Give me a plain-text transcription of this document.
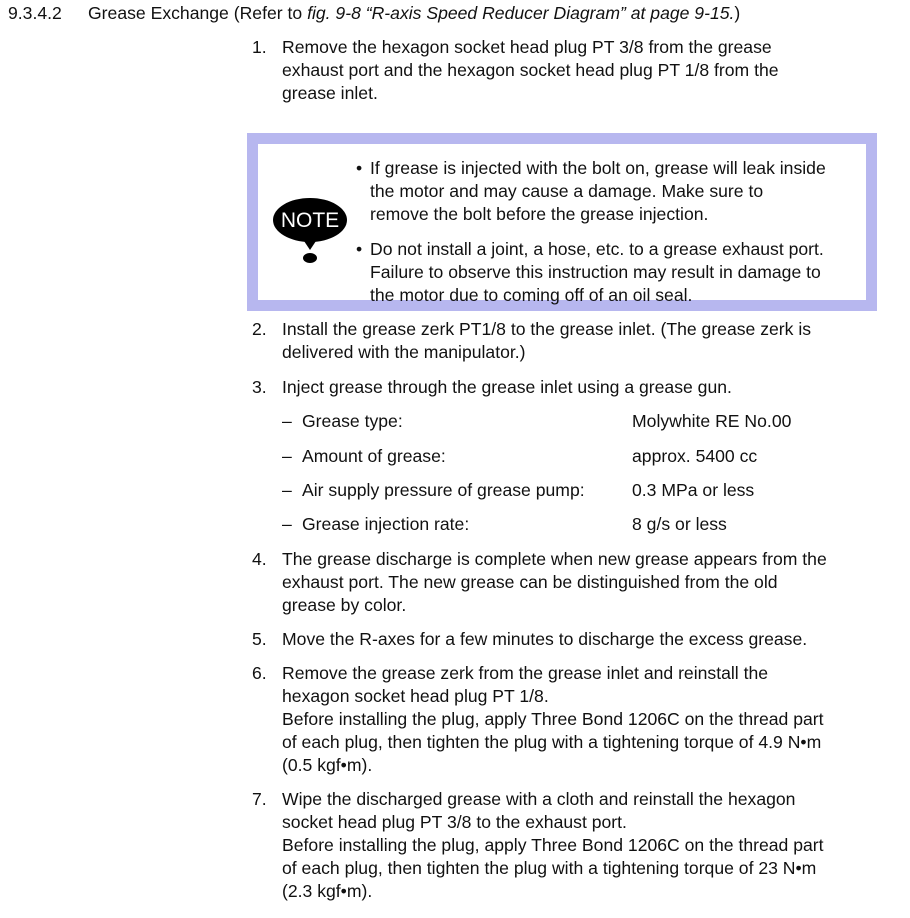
9.3.4.2 Grease Exchange (Refer to fig. 9-8 “R-axis Speed Reducer Diagram” at page 9-15.)
1. Remove the hexagon socket head plug PT 3/8 from the grease
exhaust port and the hexagon socket head plug PT 1/8 from the
grease inlet.
NOTE
• If grease is injected with the bolt on, grease will leak inside
the motor and may cause a damage. Make sure to
remove the bolt before the grease injection.
• Do not install a joint, a hose, etc. to a grease exhaust port.
Failure to observe this instruction may result in damage to
the motor due to coming off of an oil seal.
2. Install the grease zerk PT1/8 to the grease inlet. (The grease zerk is
delivered with the manipulator.)
3. Inject grease through the grease inlet using a grease gun.
– Grease type:	Molywhite RE No.00
– Amount of grease:	approx. 5400 cc
– Air supply pressure of grease pump:	0.3 MPa or less
– Grease injection rate:	8 g/s or less
4. The grease discharge is complete when new grease appears from the
exhaust port. The new grease can be distinguished from the old
grease by color.
5. Move the R-axes for a few minutes to discharge the excess grease.
6. Remove the grease zerk from the grease inlet and reinstall the
hexagon socket head plug PT 1/8.
Before installing the plug, apply Three Bond 1206C on the thread part
of each plug, then tighten the plug with a tightening torque of 4.9 N•m
(0.5 kgf•m).
7. Wipe the discharged grease with a cloth and reinstall the hexagon
socket head plug PT 3/8 to the exhaust port.
Before installing the plug, apply Three Bond 1206C on the thread part
of each plug, then tighten the plug with a tightening torque of 23 N•m
(2.3 kgf•m).
